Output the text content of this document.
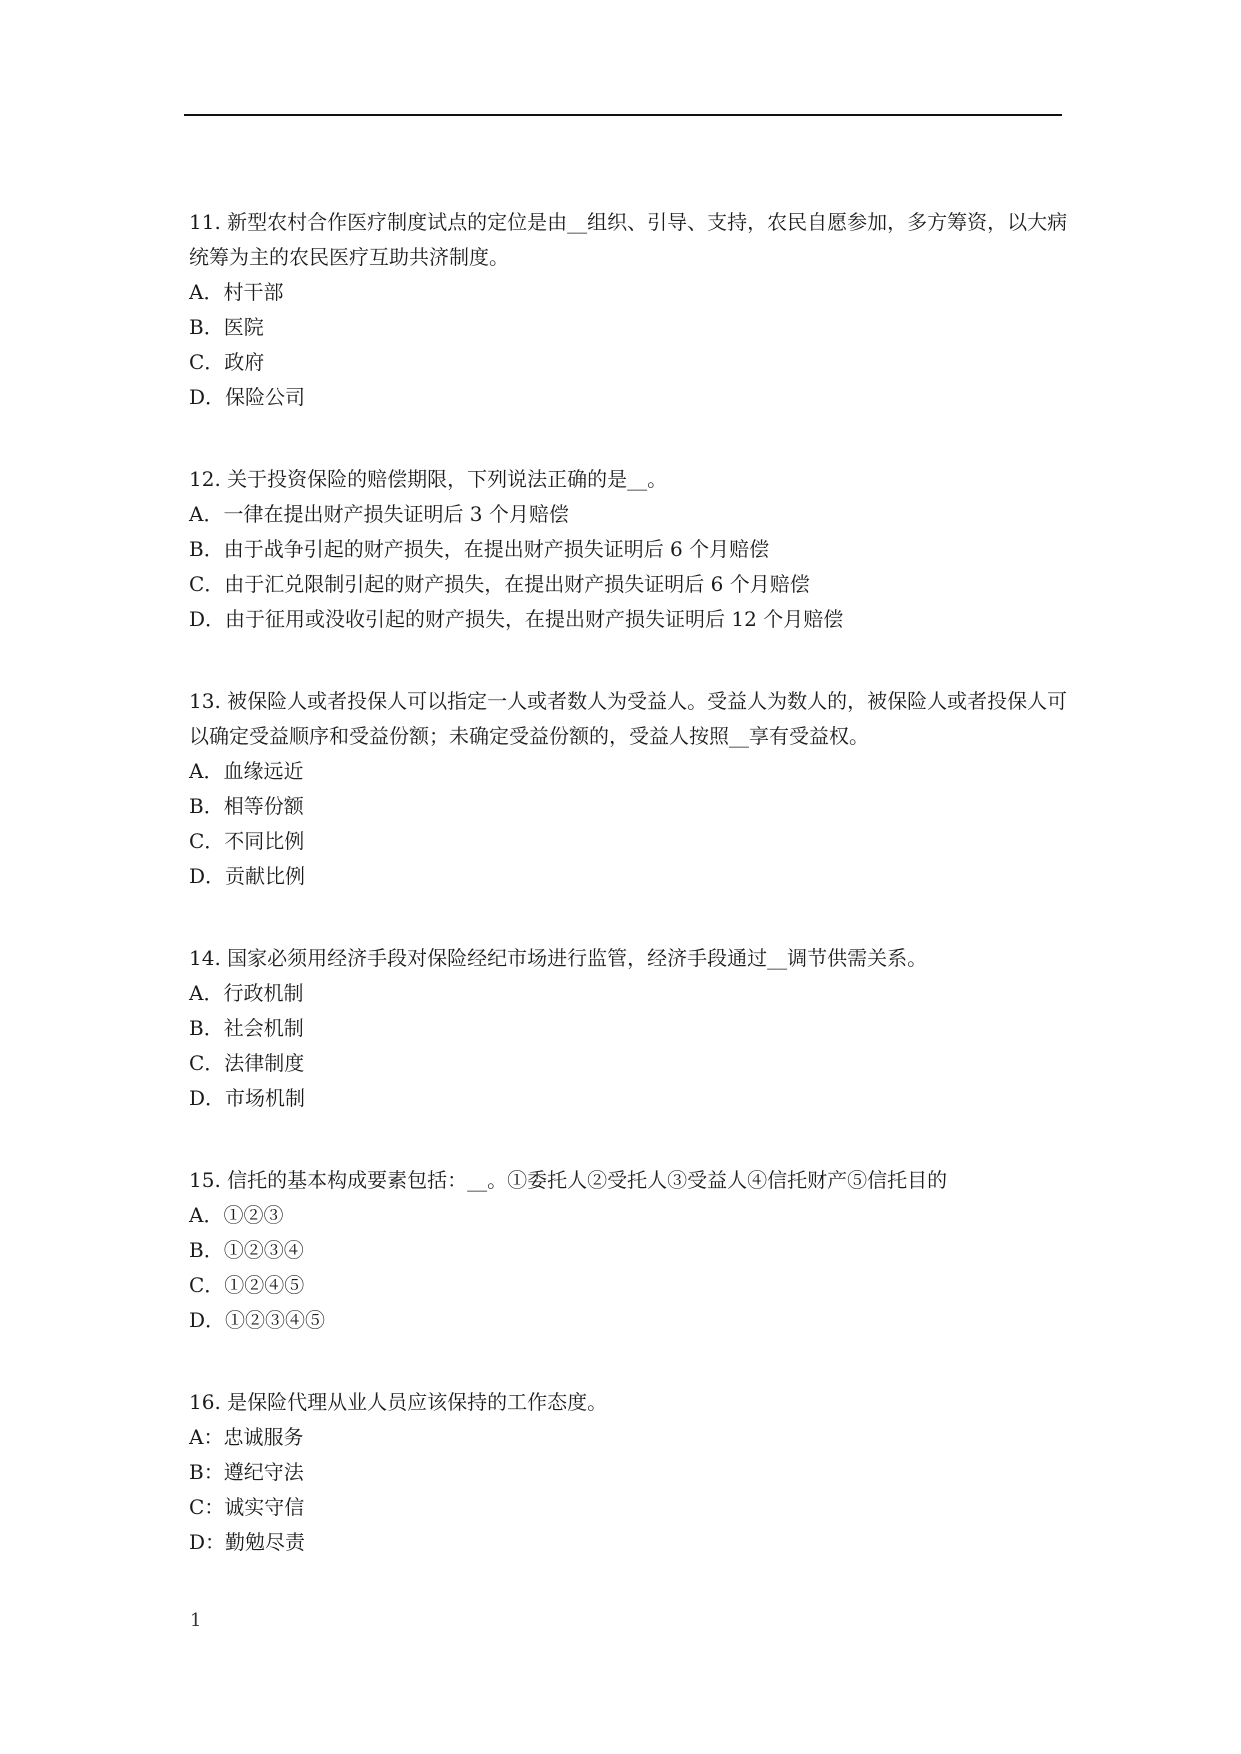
11. 新型农村合作医疗制度试点的定位是由__组织、引导、支持，农民自愿参加，多方筹资，以大病统筹为主的农民医疗互助共济制度。

A．村干部

B．医院

C．政府

D．保险公司

12. 关于投资保险的赔偿期限，下列说法正确的是__。

A．一律在提出财产损失证明后 3 个月赔偿

B．由于战争引起的财产损失，在提出财产损失证明后 6 个月赔偿

C．由于汇兑限制引起的财产损失，在提出财产损失证明后 6 个月赔偿

D．由于征用或没收引起的财产损失，在提出财产损失证明后 12 个月赔偿

13. 被保险人或者投保人可以指定一人或者数人为受益人。受益人为数人的，被保险人或者投保人可以确定受益顺序和受益份额；未确定受益份额的，受益人按照__享有受益权。

A．血缘远近

B．相等份额

C．不同比例

D．贡献比例

14. 国家必须用经济手段对保险经纪市场进行监管，经济手段通过__调节供需关系。

A．行政机制

B．社会机制

C．法律制度

D．市场机制

15. 信托的基本构成要素包括：__。①委托人②受托人③受益人④信托财产⑤信托目的

A．①②③

B．①②③④

C．①②④⑤

D．①②③④⑤

16. 是保险代理从业人员应该保持的工作态度。

A：忠诚服务

B：遵纪守法

C：诚实守信

D：勤勉尽责

1
